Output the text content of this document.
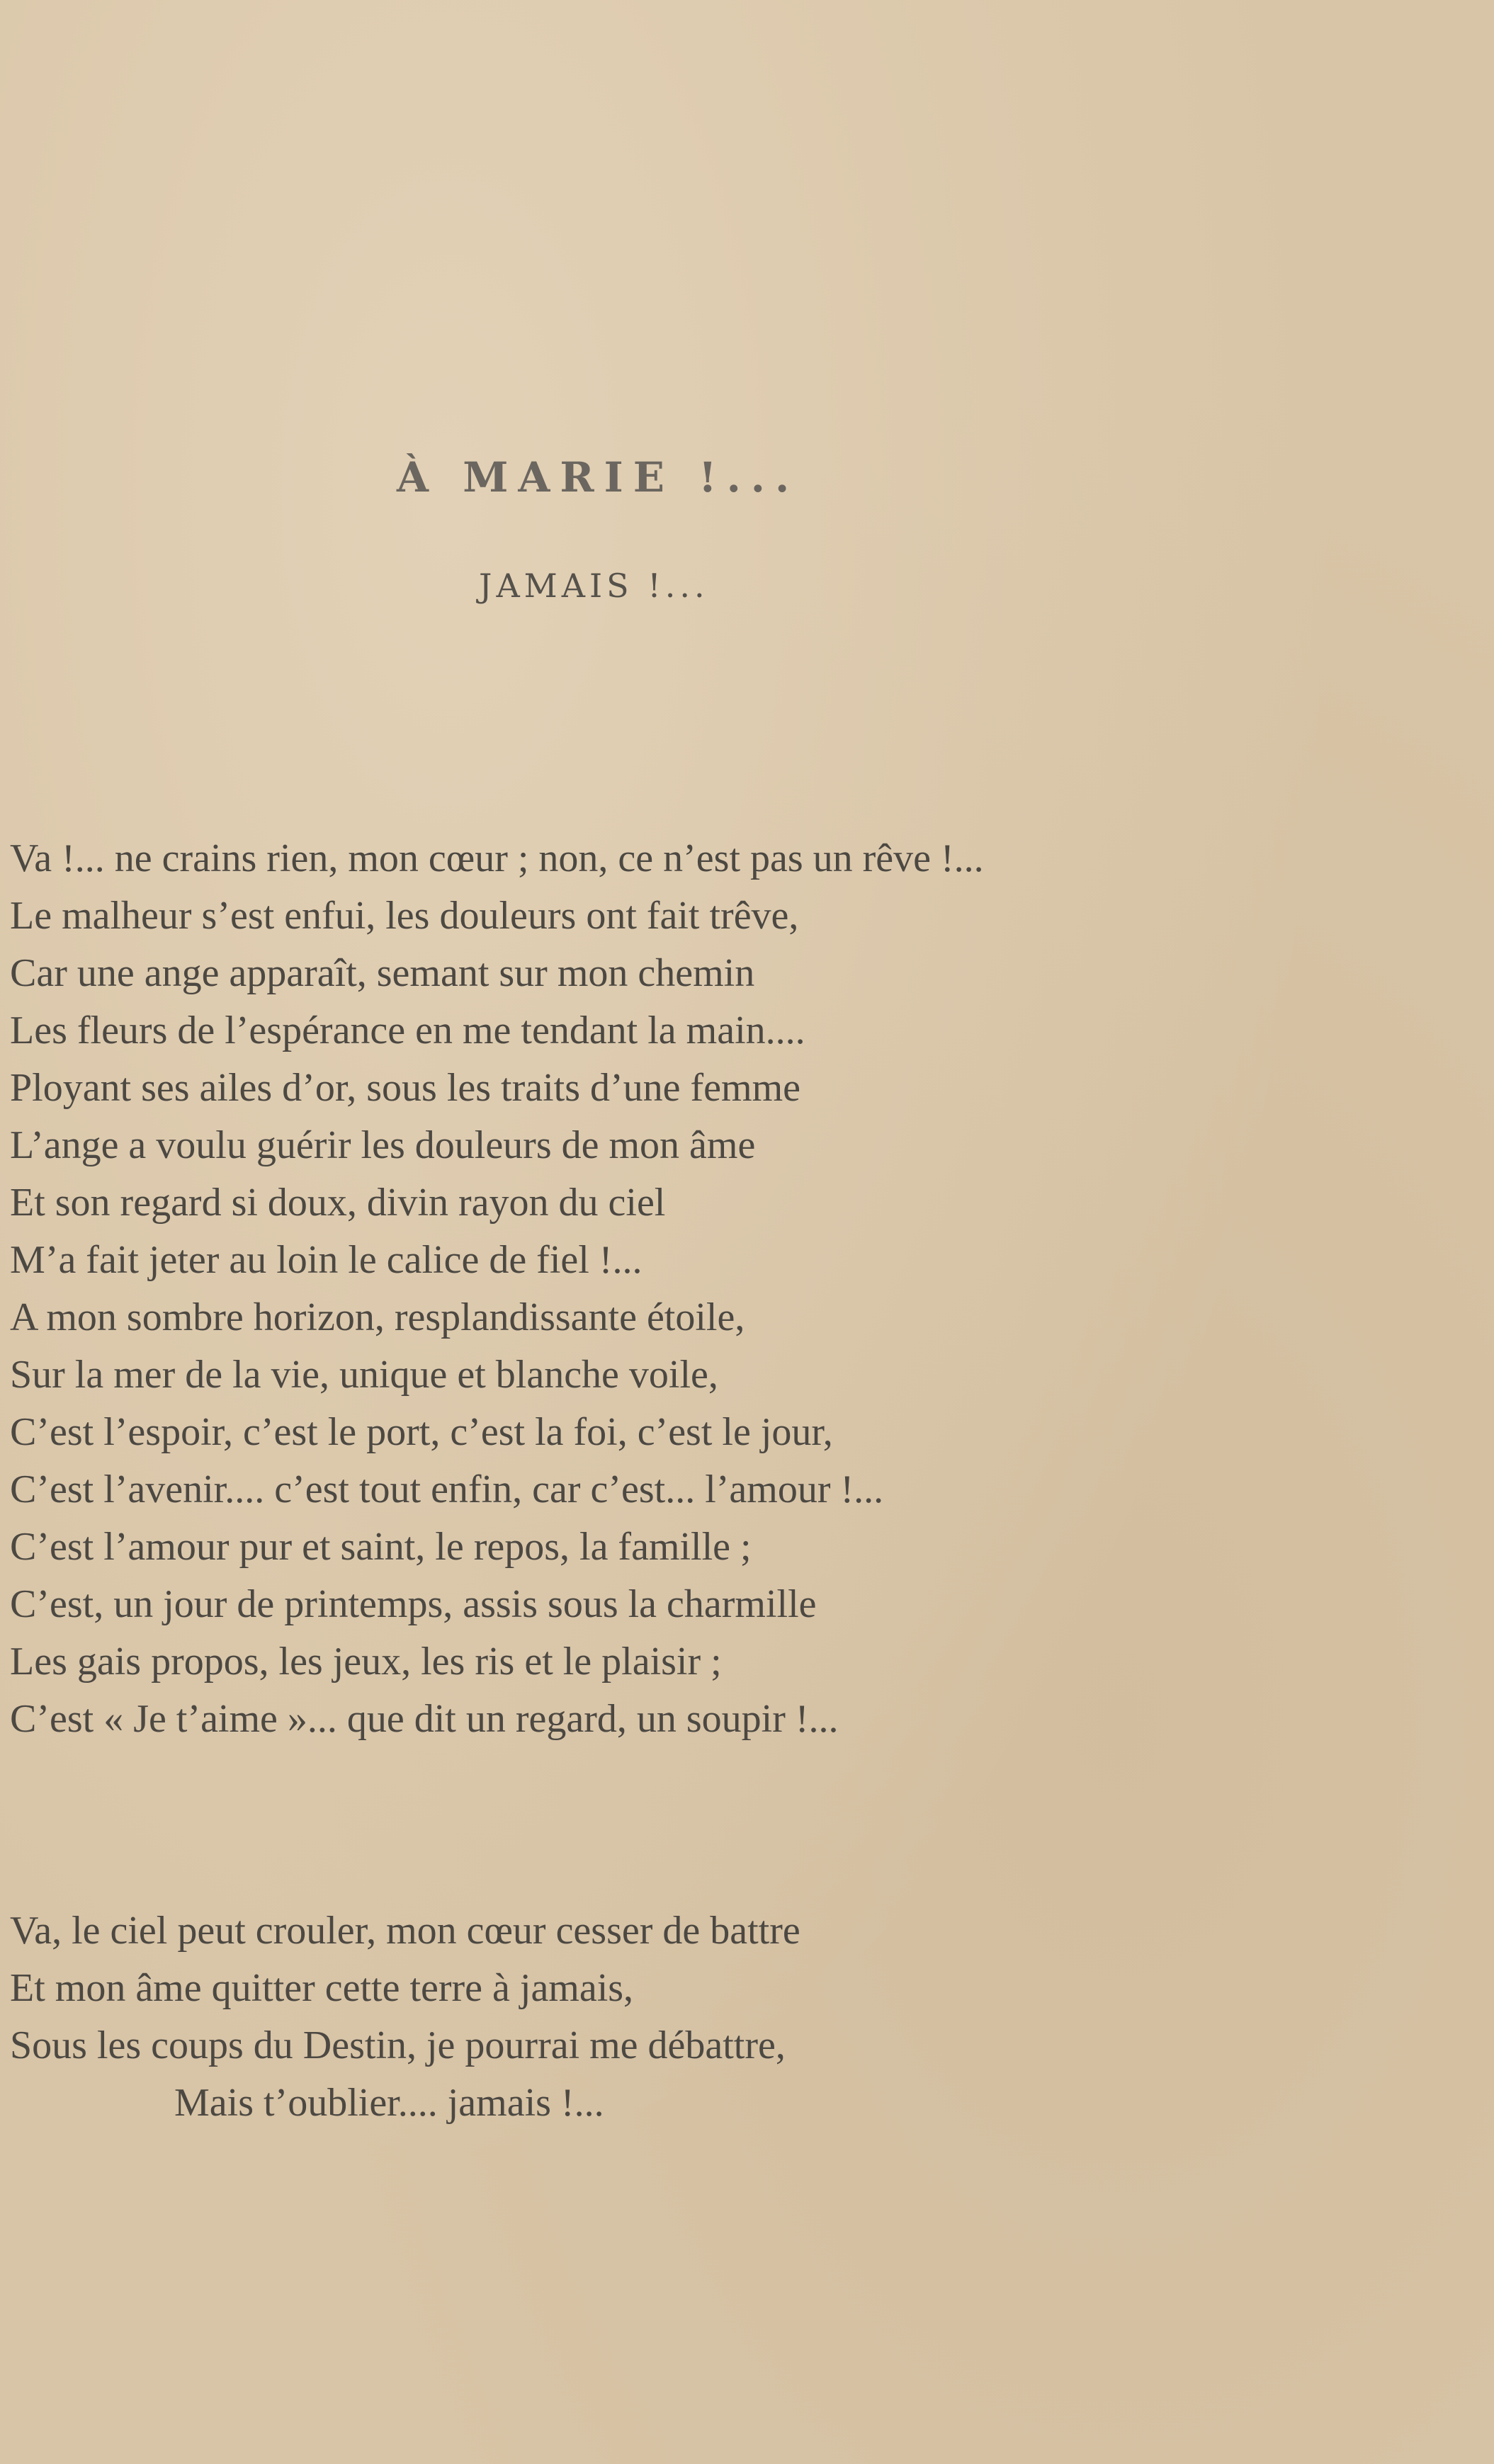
À MARIE !...
JAMAIS !...
Va !... ne crains rien, mon cœur ; non, ce n’est pas un rêve !...
Le malheur s’est enfui, les douleurs ont fait trêve,
Car une ange apparaît, semant sur mon chemin
Les fleurs de l’espérance en me tendant la main....
Ployant ses ailes d’or, sous les traits d’une femme
L’ange a voulu guérir les douleurs de mon âme
Et son regard si doux, divin rayon du ciel
M’a fait jeter au loin le calice de fiel !...
A mon sombre horizon, resplandissante étoile,
Sur la mer de la vie, unique et blanche voile,
C’est l’espoir, c’est le port, c’est la foi, c’est le jour,
C’est l’avenir.... c’est tout enfin, car c’est... l’amour !...
C’est l’amour pur et saint, le repos, la famille ;
C’est, un jour de printemps, assis sous la charmille
Les gais propos, les jeux, les ris et le plaisir ;
C’est « Je t’aime »... que dit un regard, un soupir !...
Va, le ciel peut crouler, mon cœur cesser de battre
Et mon âme quitter cette terre à jamais,
Sous les coups du Destin, je pourrai me débattre,
Mais t’oublier.... jamais !...
